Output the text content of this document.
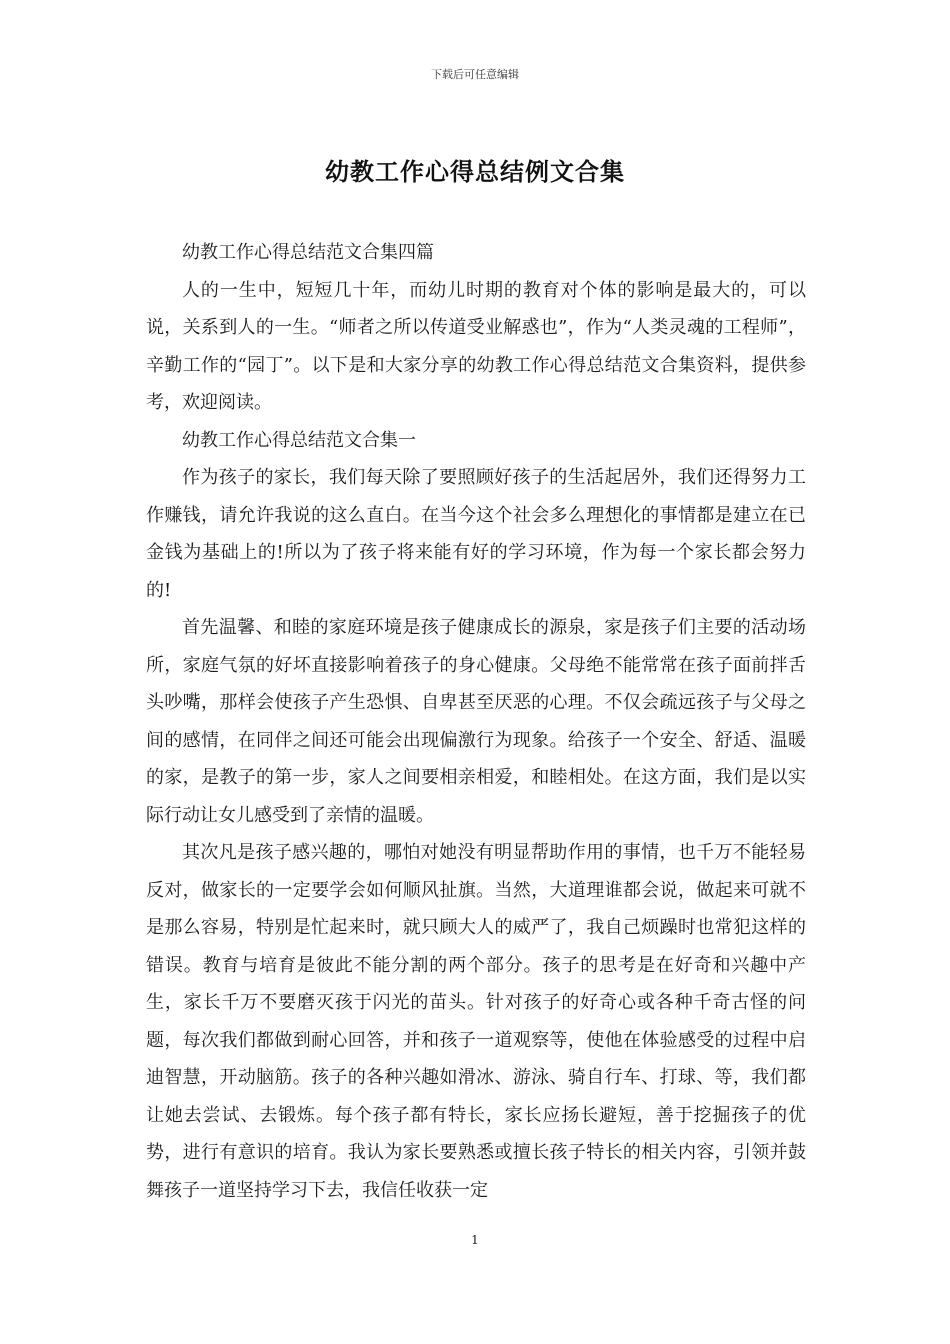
下载后可任意编辑
幼教工作心得总结例文合集

幼教工作心得总结范文合集四篇

人的一生中，短短几十年，而幼儿时期的教育对个体的影响是最大的，可以说，关系到人的一生。“师者之所以传道受业解惑也”，作为“人类灵魂的工程师”，辛勤工作的“园丁”。以下是和大家分享的幼教工作心得总结范文合集资料，提供参考，欢迎阅读。

幼教工作心得总结范文合集一

作为孩子的家长，我们每天除了要照顾好孩子的生活起居外，我们还得努力工作赚钱，请允许我说的这么直白。在当今这个社会多么理想化的事情都是建立在已金钱为基础上的!所以为了孩子将来能有好的学习环境，作为每一个家长都会努力的!

首先温馨、和睦的家庭环境是孩子健康成长的源泉，家是孩子们主要的活动场所，家庭气氛的好坏直接影响着孩子的身心健康。父母绝不能常常在孩子面前拌舌头吵嘴，那样会使孩子产生恐惧、自卑甚至厌恶的心理。不仅会疏远孩子与父母之间的感情，在同伴之间还可能会出现偏激行为现象。给孩子一个安全、舒适、温暖的家，是教子的第一步，家人之间要相亲相爱，和睦相处。在这方面，我们是以实际行动让女儿感受到了亲情的温暖。

其次凡是孩子感兴趣的，哪怕对她没有明显帮助作用的事情，也千万不能轻易反对，做家长的一定要学会如何顺风扯旗。当然，大道理谁都会说，做起来可就不是那么容易，特别是忙起来时，就只顾大人的威严了，我自己烦躁时也常犯这样的错误。教育与培育是彼此不能分割的两个部分。孩子的思考是在好奇和兴趣中产生，家长千万不要磨灭孩于闪光的苗头。针对孩子的好奇心或各种千奇古怪的问题，每次我们都做到耐心回答，并和孩子一道观察等，使他在体验感受的过程中启迪智慧，开动脑筋。孩子的各种兴趣如滑冰、游泳、骑自行车、打球、等，我们都让她去尝试、去锻炼。每个孩子都有特长，家长应扬长避短，善于挖掘孩子的优势，进行有意识的培育。我认为家长要熟悉或擅长孩子特长的相关内容，引领并鼓舞孩子一道坚持学习下去，我信任收获一定

1
